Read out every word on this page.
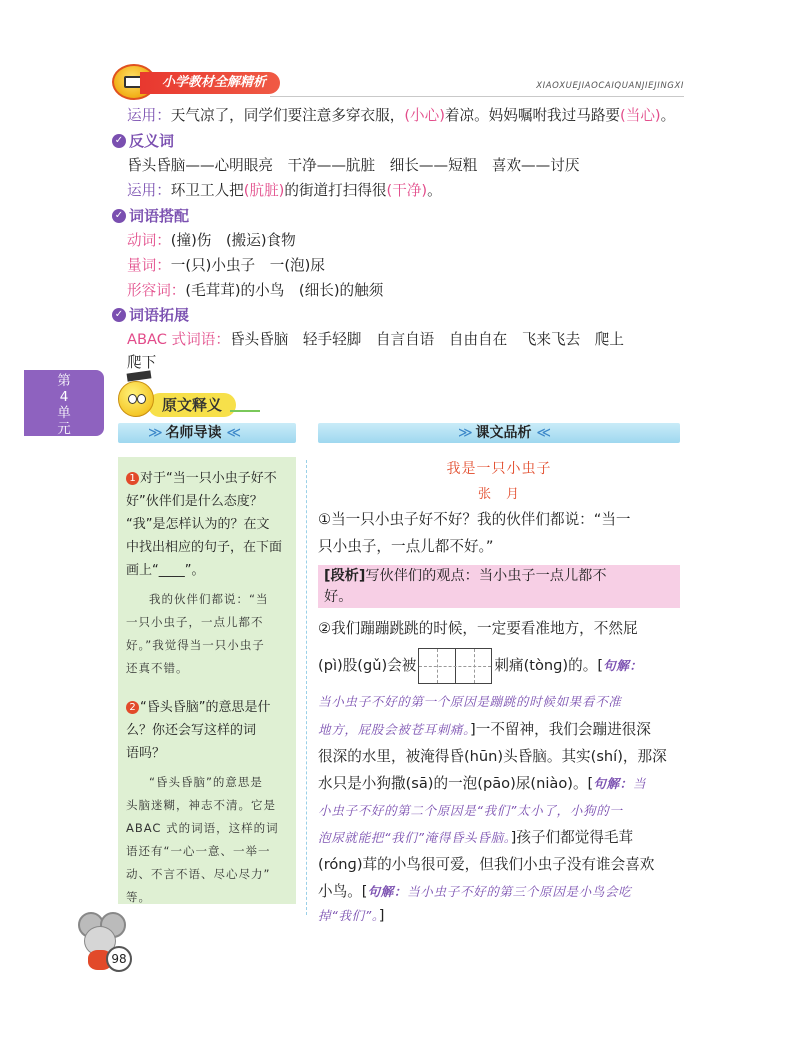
小学教材全解精析	XIAOXUEJIAOCAIQUANJIEJINGXI
运用：天气凉了，同学们要注意多穿衣服，(小心)着凉。妈妈嘱咐我过马路要(当心)。
✓ 反义词
昏头昏脑——心明眼亮　干净——肮脏　细长——短粗　喜欢——讨厌
运用：环卫工人把(肮脏)的街道打扫得很(干净)。
✓ 词语搭配
动词：(撞)伤　(搬运)食物
量词：一(只)小虫子　一(泡)尿
形容词：(毛茸茸)的小鸟　(细长)的触须
✓ 词语拓展
ABAC 式词语：昏头昏脑　轻手轻脚　自言自语　自由自在　飞来飞去　爬上
爬下
第
4
单
元
原文释义
≫ 名师导读 ≪	≫ 课文品析 ≪

1 对于“当一只小虫子好不

好”伙伴们是什么态度？

“我”是怎样认为的？在文

中找出相应的句子，在下面

画上“____”。

我的伙伴们都说：“当

一只小虫子，一点儿都不

好。”我觉得当一只小虫子

还真不错。

2 “昏头昏脑”的意思是什

么？你还会写这样的词

语吗？

“昏头昏脑”的意思是

头脑迷糊，神志不清。它是

ABAC 式的词语，这样的词

语还有“一心一意、一举一

动、不言不语、尽心尽力”

等。

我是一只小虫子
张　月
①当一只小虫子好不好？我的伙伴们都说：“当一
只小虫子，一点儿都不好。”
[段析]写伙伴们的观点：当小虫子一点儿都不
好。
②我们蹦蹦跳跳的时候，一定要看准地方，不然屁
(pì)股(gǔ)会被	刺痛(tònɡ)的。[句解：
当小虫子不好的第一个原因是蹦跳的时候如果看不准
地方，屁股会被苍耳刺痛。]一不留神，我们会蹦进很深
很深的水里，被淹得昏(hūn)头昏脑。其实(shí)，那深
水只是小狗撒(sā)的一泡(pāo)尿(niào)。[句解：当
小虫子不好的第二个原因是“我们”太小了，小狗的一
泡尿就能把“我们”淹得昏头昏脑。]孩子们都觉得毛茸
(rónɡ)茸的小鸟很可爱，但我们小虫子没有谁会喜欢
小鸟。[句解：当小虫子不好的第三个原因是小鸟会吃
掉“我们”。]
98
